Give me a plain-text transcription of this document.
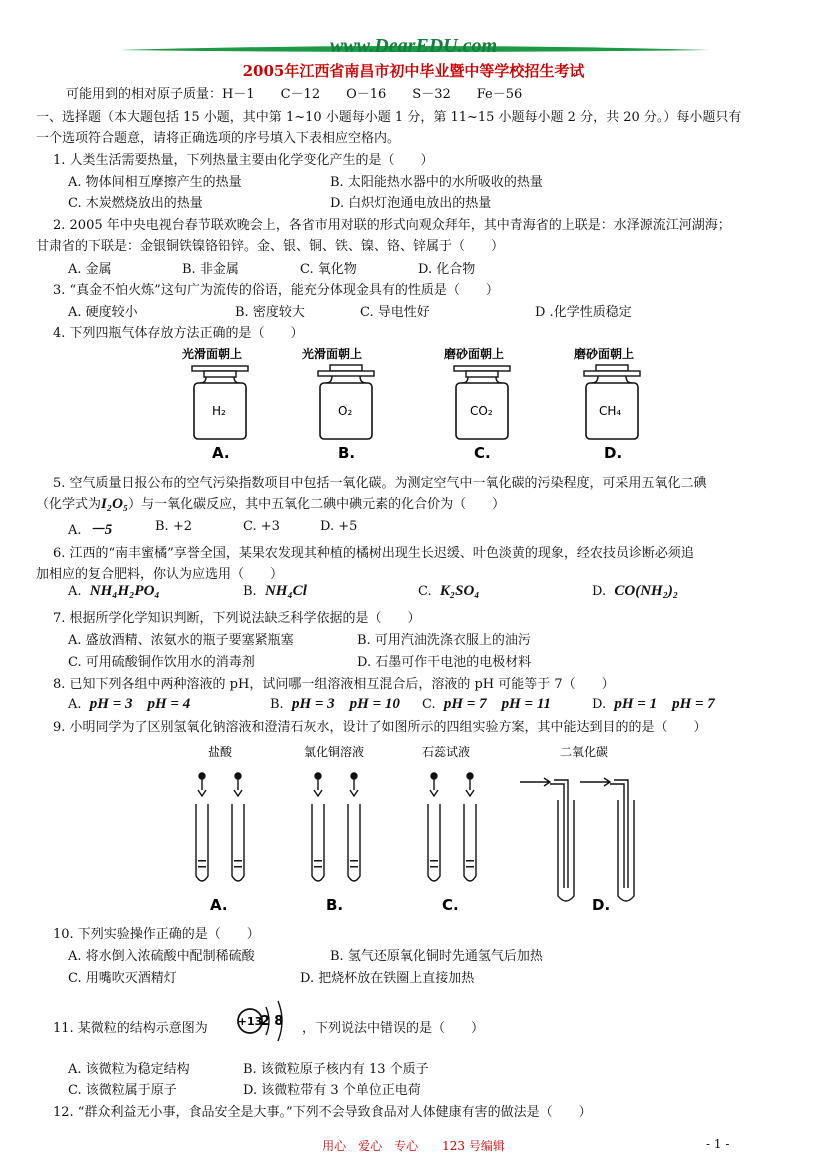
www.DearEDU.com
2005年江西省南昌市初中毕业暨中等学校招生考试
可能用到的相对原子质量：H－1　　C－12　　O－16　　S－32　　Fe－56
一、选择题（本大题包括 15 小题，其中第 1~10 小题每小题 1 分，第 11~15 小题每小题 2 分，共 20 分。）每小题只有
一个选项符合题意，请将正确选项的序号填入下表相应空格内。
1. 人类生活需要热量，下列热量主要由化学变化产生的是（　　）
A. 物体间相互摩擦产生的热量	B. 太阳能热水器中的水所吸收的热量
C. 木炭燃烧放出的热量	D. 白炽灯泡通电放出的热量
2. 2005 年中央电视台春节联欢晚会上，各省市用对联的形式向观众拜年，其中青海省的上联是：水泽源流江河湖海；
甘肃省的下联是：金银铜铁镍铬铅锌。金、银、铜、铁、镍、铬、锌属于（　　）
A. 金属	B. 非金属	C. 氧化物	D. 化合物
3. “真金不怕火炼”这句广为流传的俗语，能充分体现金具有的性质是（　　）
A. 硬度较小	B. 密度较大	C. 导电性好	D .化学性质稳定
4. 下列四瓶气体存放方法正确的是（　　）
光滑面朝上
H₂
A.
光滑面朝上
O₂
B.
磨砂面朝上
CO₂
C.
磨砂面朝上
CH₄
D.
5. 空气质量日报公布的空气污染指数项目中包括一氧化碳。为测定空气中一氧化碳的污染程度，可采用五氧化二碘
（化学式为I₂O₅）与一氧化碳反应，其中五氧化二碘中碘元素的化合价为（　　）
A. －5	B. +2	C. +3	D. +5
6. 江西的“南丰蜜橘”享誉全国，某果农发现其种植的橘树出现生长迟缓、叶色淡黄的现象，经农技员诊断必须追
加相应的复合肥料，你认为应选用（　　）
A. NH₄H₂PO₄	B. NH₄Cl	C. K₂SO₄	D. CO(NH₂)₂
7. 根据所学化学知识判断，下列说法缺乏科学依据的是（　　）
A. 盛放酒精、浓氨水的瓶子要塞紧瓶塞	B. 可用汽油洗涤衣服上的油污
C. 可用硫酸铜作饮用水的消毒剂	D. 石墨可作干电池的电极材料
8. 已知下列各组中两种溶液的 pH，试问哪一组溶液相互混合后，溶液的 pH 可能等于 7（　　）
A. pH = 3　pH = 4	B. pH = 3　pH = 10 C. pH = 7　pH = 11	D. pH = 1　pH = 7
9. 小明同学为了区别氢氧化钠溶液和澄清石灰水，设计了如图所示的四组实验方案，其中能达到目的的是（　　）
盐酸
A.
氯化铜溶液
B.
石蕊试液
C.
二氧化碳
D.
10. 下列实验操作正确的是（　　）
A. 将水倒入浓硫酸中配制稀硫酸	B. 氢气还原氧化铜时先通氢气后加热
C. 用嘴吹灭酒精灯	D. 把烧杯放在铁圈上直接加热
11. 某微粒的结构示意图为	+13
2 8 ，下列说法中错误的是（　　）
A. 该微粒为稳定结构	B. 该微粒原子核内有 13 个质子
C. 该微粒属于原子	D. 该微粒带有 3 个单位正电荷
12. “群众利益无小事，食品安全是大事。”下列不会导致食品对人体健康有害的做法是（　　）
用心　爱心　专心　　123 号编辑	- 1 -
